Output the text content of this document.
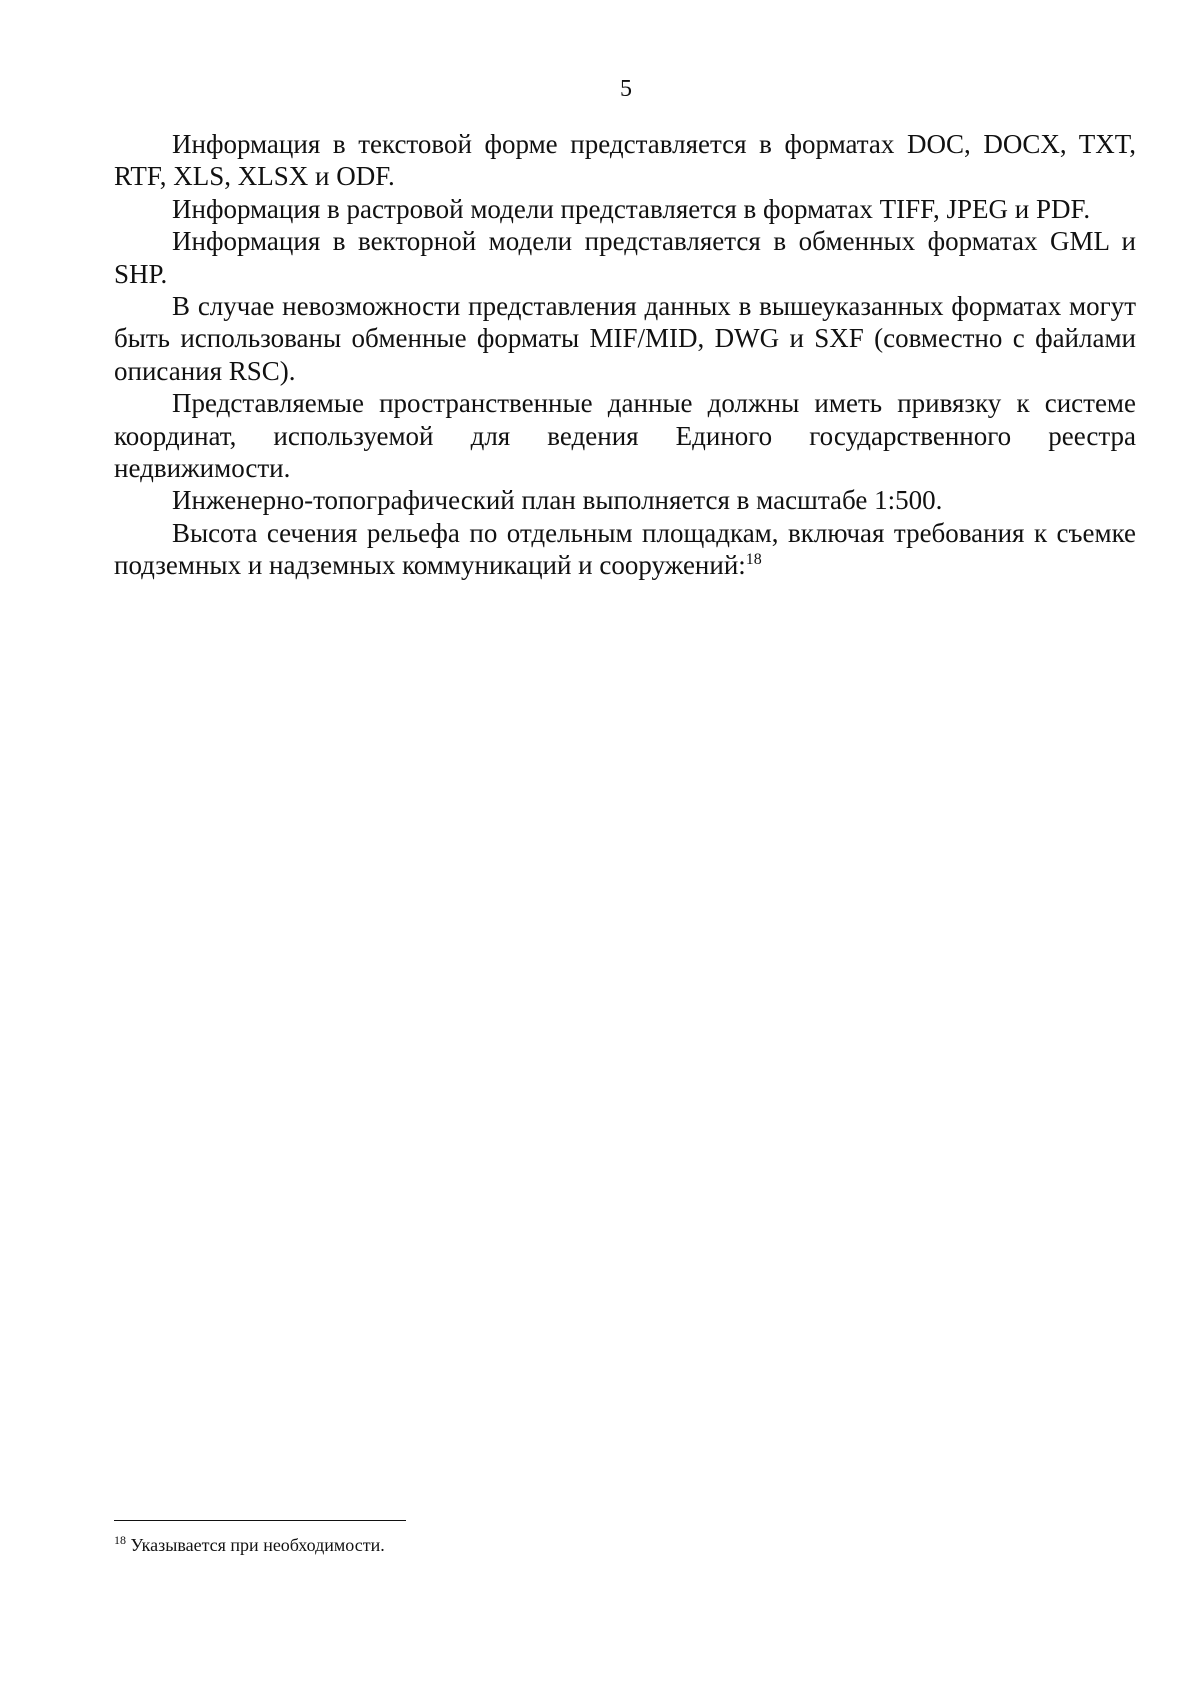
5

Информация в текстовой форме представляется в форматах DOC, DOCX, TXT, RTF, XLS, XLSX и ODF.

Информация в растровой модели представляется в форматах TIFF, JPEG и PDF.

Информация в векторной модели представляется в обменных форматах GML и SHP.

В случае невозможности представления данных в вышеуказанных форматах могут быть использованы обменные форматы MIF/MID, DWG и SXF (совместно с файлами описания RSC).

Представляемые пространственные данные должны иметь привязку к системе координат, используемой для ведения Единого государственного реестра недвижимости.

Инженерно-топографический план выполняется в масштабе 1:500.

Высота сечения рельефа по отдельным площадкам, включая требования к съемке подземных и надземных коммуникаций и сооружений:$^{18}$

$^{18}$ Указывается при необходимости.
